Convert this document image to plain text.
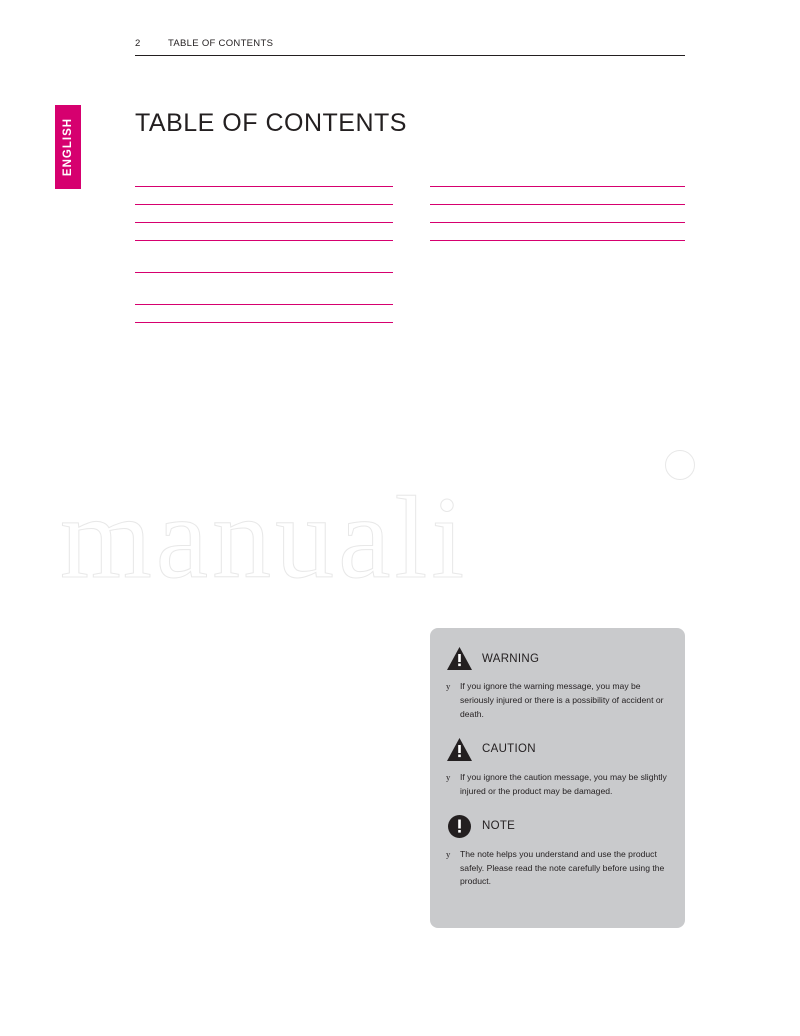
manuali
ENGLISH
2	TABLE OF CONTENTS
TABLE OF CONTENTS
WARNING
y	If you ignore the warning message, you may be seriously injured or there is a possibility of accident or death.
CAUTION
y	If you ignore the caution message, you may be slightly injured or the product may be damaged.
NOTE
y	The note helps you understand and use the product safely. Please read the note carefully before using the product.
